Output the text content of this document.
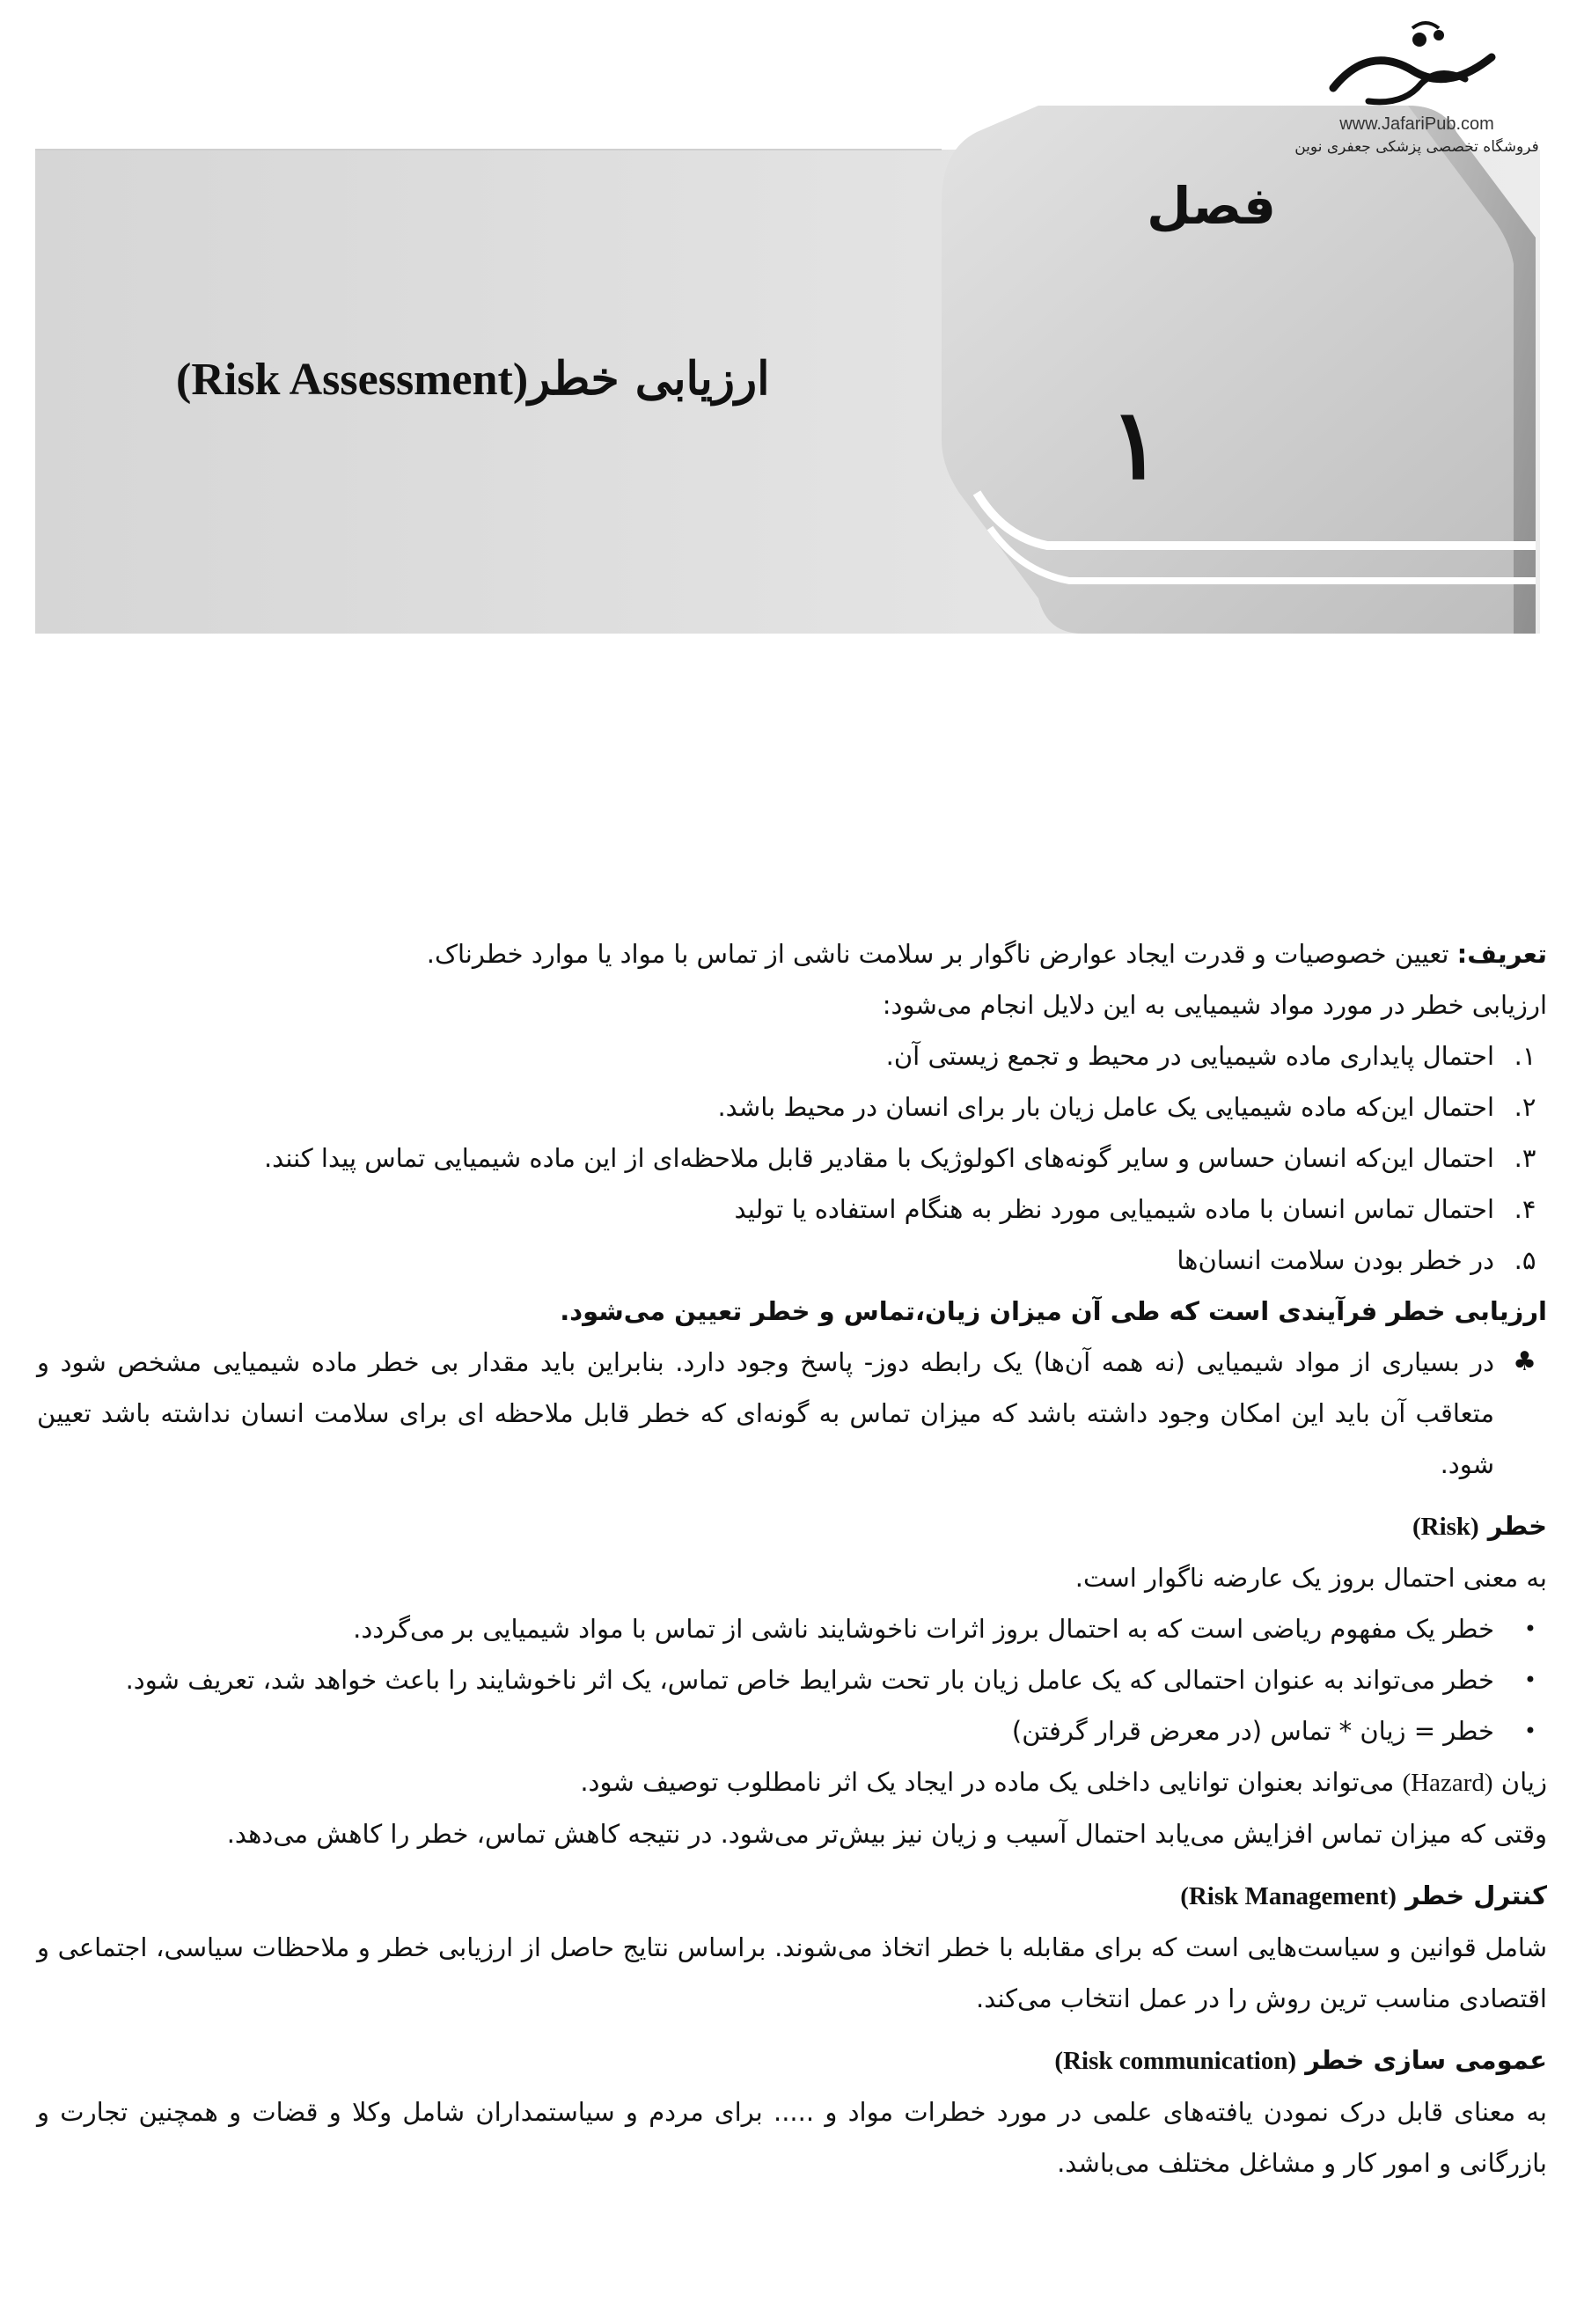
فصل
۱
ارزیابی خطر(Risk Assessment)
www.JafariPub.com
فروشگاه تخصصی پزشکی جعفری نوین

تعریف: تعیین خصوصیات و قدرت ایجاد عوارض ناگوار بر سلامت ناشی از تماس با مواد یا موارد خطرناک.

ارزیابی خطر در مورد مواد شیمیایی به این دلایل انجام می‌شود:

۱.
احتمال پایداری ماده شیمیایی در محیط و تجمع زیستی آن.
۲.
احتمال این‌که ماده شیمیایی یک عامل زیان بار برای انسان در محیط باشد.
۳.
احتمال این‌که انسان حساس و سایر گونه‌های اکولوژیک با مقادیر قابل ملاحظه‌ای از این ماده شیمیایی تماس پیدا کنند.
۴.
احتمال تماس انسان با ماده شیمیایی مورد نظر به هنگام استفاده یا تولید
۵.
در خطر بودن سلامت انسان‌ها

ارزیابی خطر فرآیندی است که طی آن میزان زیان،تماس و خطر تعیین می‌شود.

♣
در بسیاری از مواد شیمیایی (نه همه آن‌ها) یک رابطه دوز- پاسخ وجود دارد. بنابراین باید مقدار بی خطر ماده شیمیایی مشخص شود و متعاقب آن باید این امکان وجود داشته باشد که میزان تماس به گونه‌ای که خطر قابل ملاحظه ای برای سلامت انسان نداشته باشد تعیین شود.

خطر (Risk)

به معنی احتمال بروز یک عارضه ناگوار است.

•
خطر یک مفهوم ریاضی است که به احتمال بروز اثرات ناخوشایند ناشی از تماس با مواد شیمیایی بر می‌گردد.
•
خطر می‌تواند به عنوان احتمالی که یک عامل زیان بار تحت شرایط خاص تماس، یک اثر ناخوشایند را باعث خواهد شد، تعریف شود.
•
خطر = زیان * تماس (در معرض قرار گرفتن)

زیان (Hazard) می‌تواند بعنوان توانایی داخلی یک ماده در ایجاد یک اثر نامطلوب توصیف شود.

وقتی که میزان تماس افزایش می‌یابد احتمال آسیب و زیان نیز بیش‌تر می‌شود. در نتیجه کاهش تماس، خطر را کاهش می‌دهد.

کنترل خطر (Risk Management)

شامل قوانین و سیاست‌هایی است که برای مقابله با خطر اتخاذ می‌شوند. براساس نتایج حاصل از ارزیابی خطر و ملاحظات سیاسی، اجتماعی و اقتصادی مناسب ترین روش را در عمل انتخاب می‌کند.

عمومی سازی خطر (Risk communication)

به معنای قابل درک نمودن یافته‌های علمی در مورد خطرات مواد و ..... برای مردم و سیاستمداران شامل وکلا و قضات و همچنین تجارت و بازرگانی و امور کار و مشاغل مختلف می‌باشد.
